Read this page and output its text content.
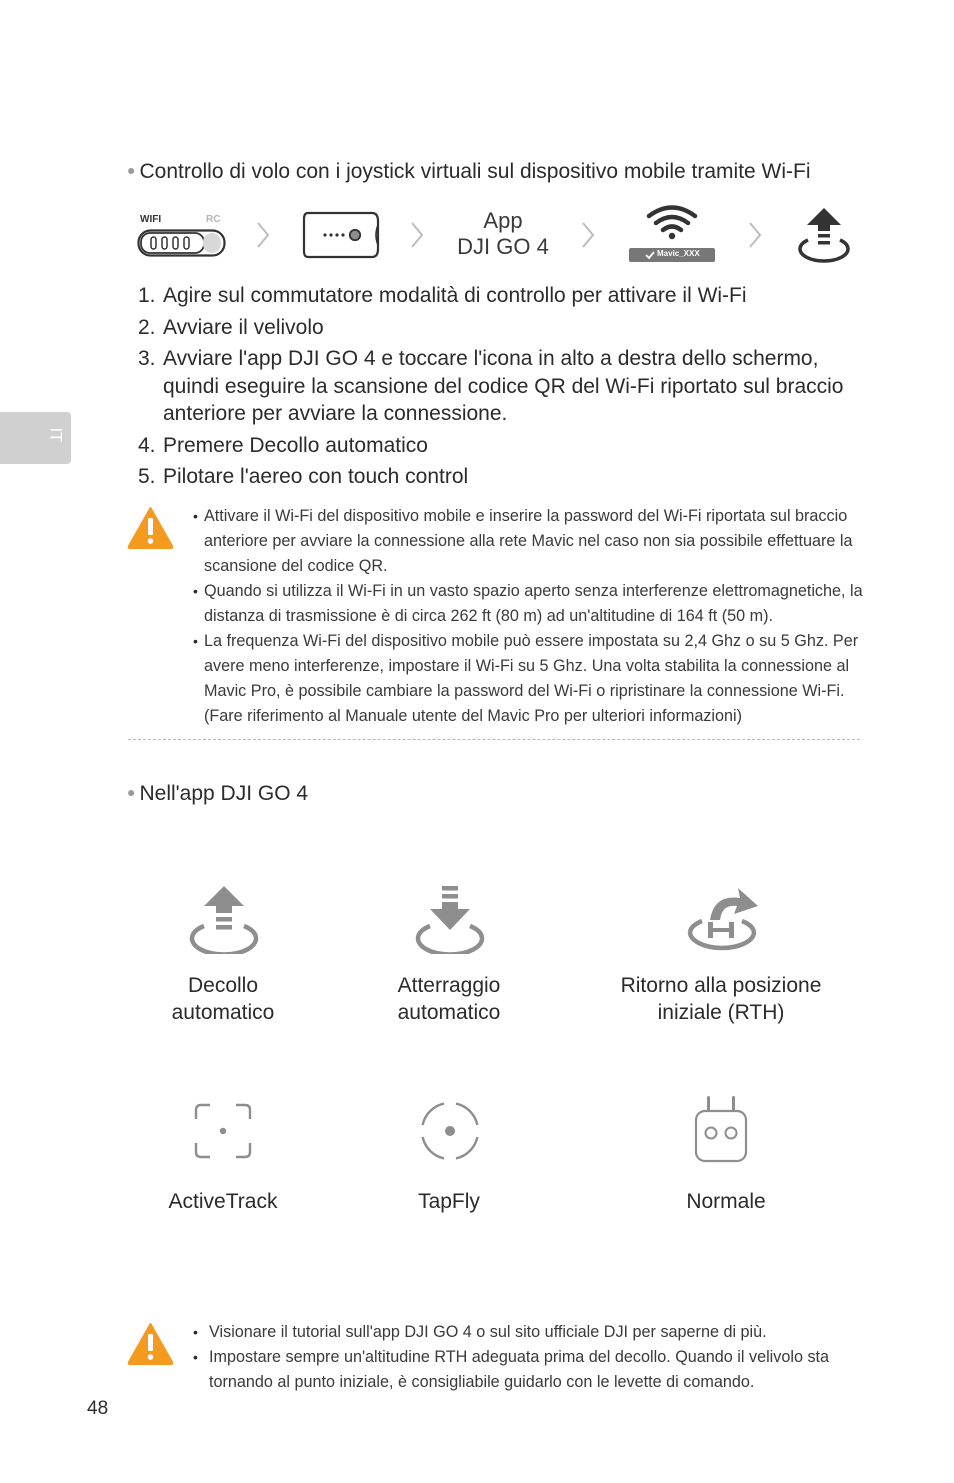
IT
● Controllo di volo con i joystick virtuali sul dispositivo mobile tramite Wi-Fi
WIFI	RC	App
DJI GO 4	Mavic_XXX
1. Agire sul commutatore modalità di controllo per attivare il Wi-Fi
2. Avviare il velivolo
3. Avviare l'app DJI GO 4 e toccare l'icona in alto a destra dello schermo, quindi eseguire la scansione del codice QR del Wi-Fi riportato sul braccio anteriore per avviare la connessione.
4. Premere Decollo automatico
5. Pilotare l'aereo con touch control
• Attivare il Wi-Fi del dispositivo mobile e inserire la password del Wi-Fi riportata sul braccio anteriore per avviare la connessione alla rete Mavic nel caso non sia possibile effettuare la scansione del codice QR.
• Quando si utilizza il Wi-Fi in un vasto spazio aperto senza interferenze elettromagnetiche, la distanza di trasmissione è di circa 262 ft (80 m) ad un'altitudine di 164 ft (50 m).
• La frequenza Wi-Fi del dispositivo mobile può essere impostata su 2,4 Ghz o su 5 Ghz. Per avere meno interferenze, impostare il Wi-Fi su 5 Ghz. Una volta stabilita la connessione al Mavic Pro, è possibile cambiare la password del Wi-Fi o ripristinare la connessione Wi-Fi. (Fare riferimento al Manuale utente del Mavic Pro per ulteriori informazioni)
● Nell'app DJI GO 4
Decollo
automatico
Atterraggio
automatico
Ritorno alla posizione
iniziale (RTH)
ActiveTrack	TapFly	Normale
• Visionare il tutorial sull'app DJI GO 4 o sul sito ufficiale DJI per saperne di più.
• Impostare sempre un'altitudine RTH adeguata prima del decollo. Quando il velivolo sta tornando al punto iniziale, è consigliabile guidarlo con le levette di comando.
48
